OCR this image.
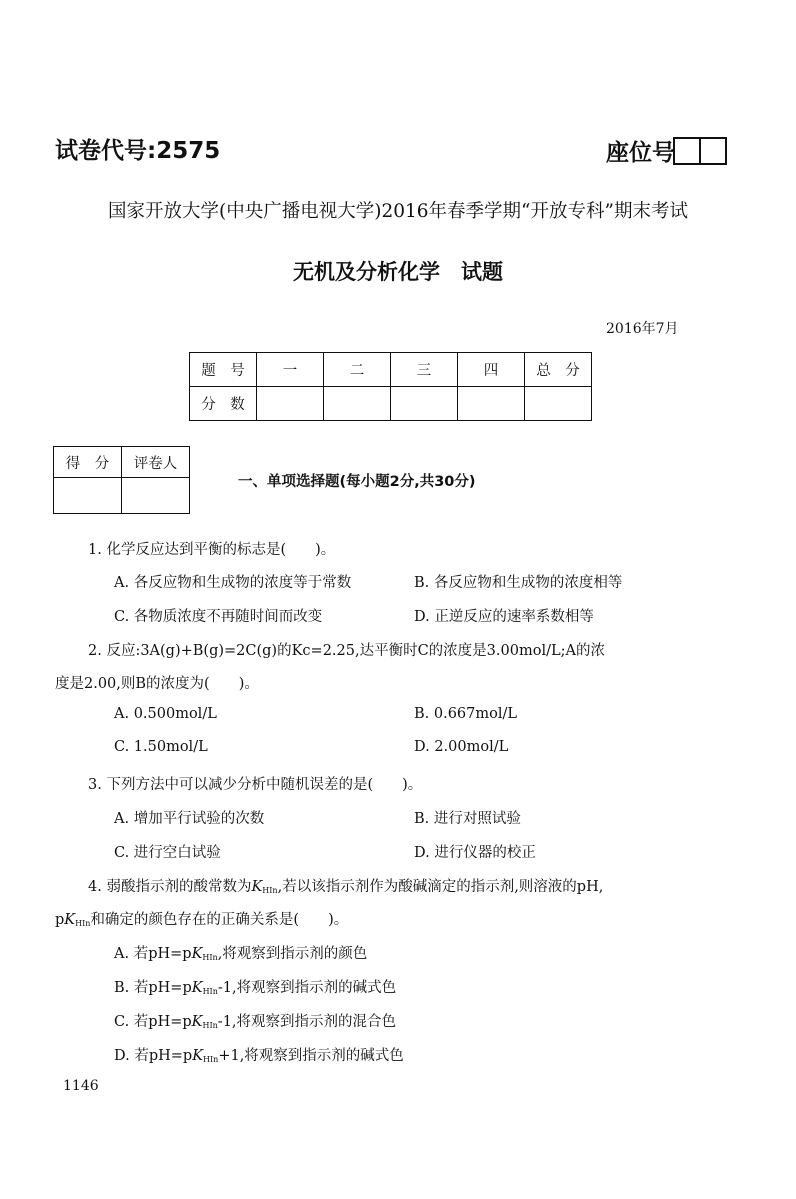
试卷代号:2575	座位号
国家开放大学(中央广播电视大学)2016年春季学期“开放专科”期末考试
无机及分析化学　试题
2016年7月
题　号	一	二	三	四	总　分
分　数					
得　分	评卷人

一、单项选择题(每小题2分,共30分)
1. 化学反应达到平衡的标志是(　　)。
A. 各反应物和生成物的浓度等于常数	B. 各反应物和生成物的浓度相等
C. 各物质浓度不再随时间而改变	D. 正逆反应的速率系数相等
2. 反应:3A(g)+B(g)=2C(g)的Kc=2.25,达平衡时C的浓度是3.00mol/L;A的浓
度是2.00,则B的浓度为(　　)。
A. 0.500mol/L	B. 0.667mol/L
C. 1.50mol/L	D. 2.00mol/L
3. 下列方法中可以减少分析中随机误差的是(　　)。
A. 增加平行试验的次数	B. 进行对照试验
C. 进行空白试验	D. 进行仪器的校正
4. 弱酸指示剂的酸常数为$K_{HIn}$,若以该指示剂作为酸碱滴定的指示剂,则溶液的pH,
$pK_{HIn}$和确定的颜色存在的正确关系是(　　)。
A. 若$pH=pK_{HIn}$,将观察到指示剂的颜色
B. 若$pH=pK_{HIn}-1$,将观察到指示剂的碱式色
C. 若$pH=pK_{HIn}-1$,将观察到指示剂的混合色
D. 若$pH=pK_{HIn}+1$,将观察到指示剂的碱式色
1146
